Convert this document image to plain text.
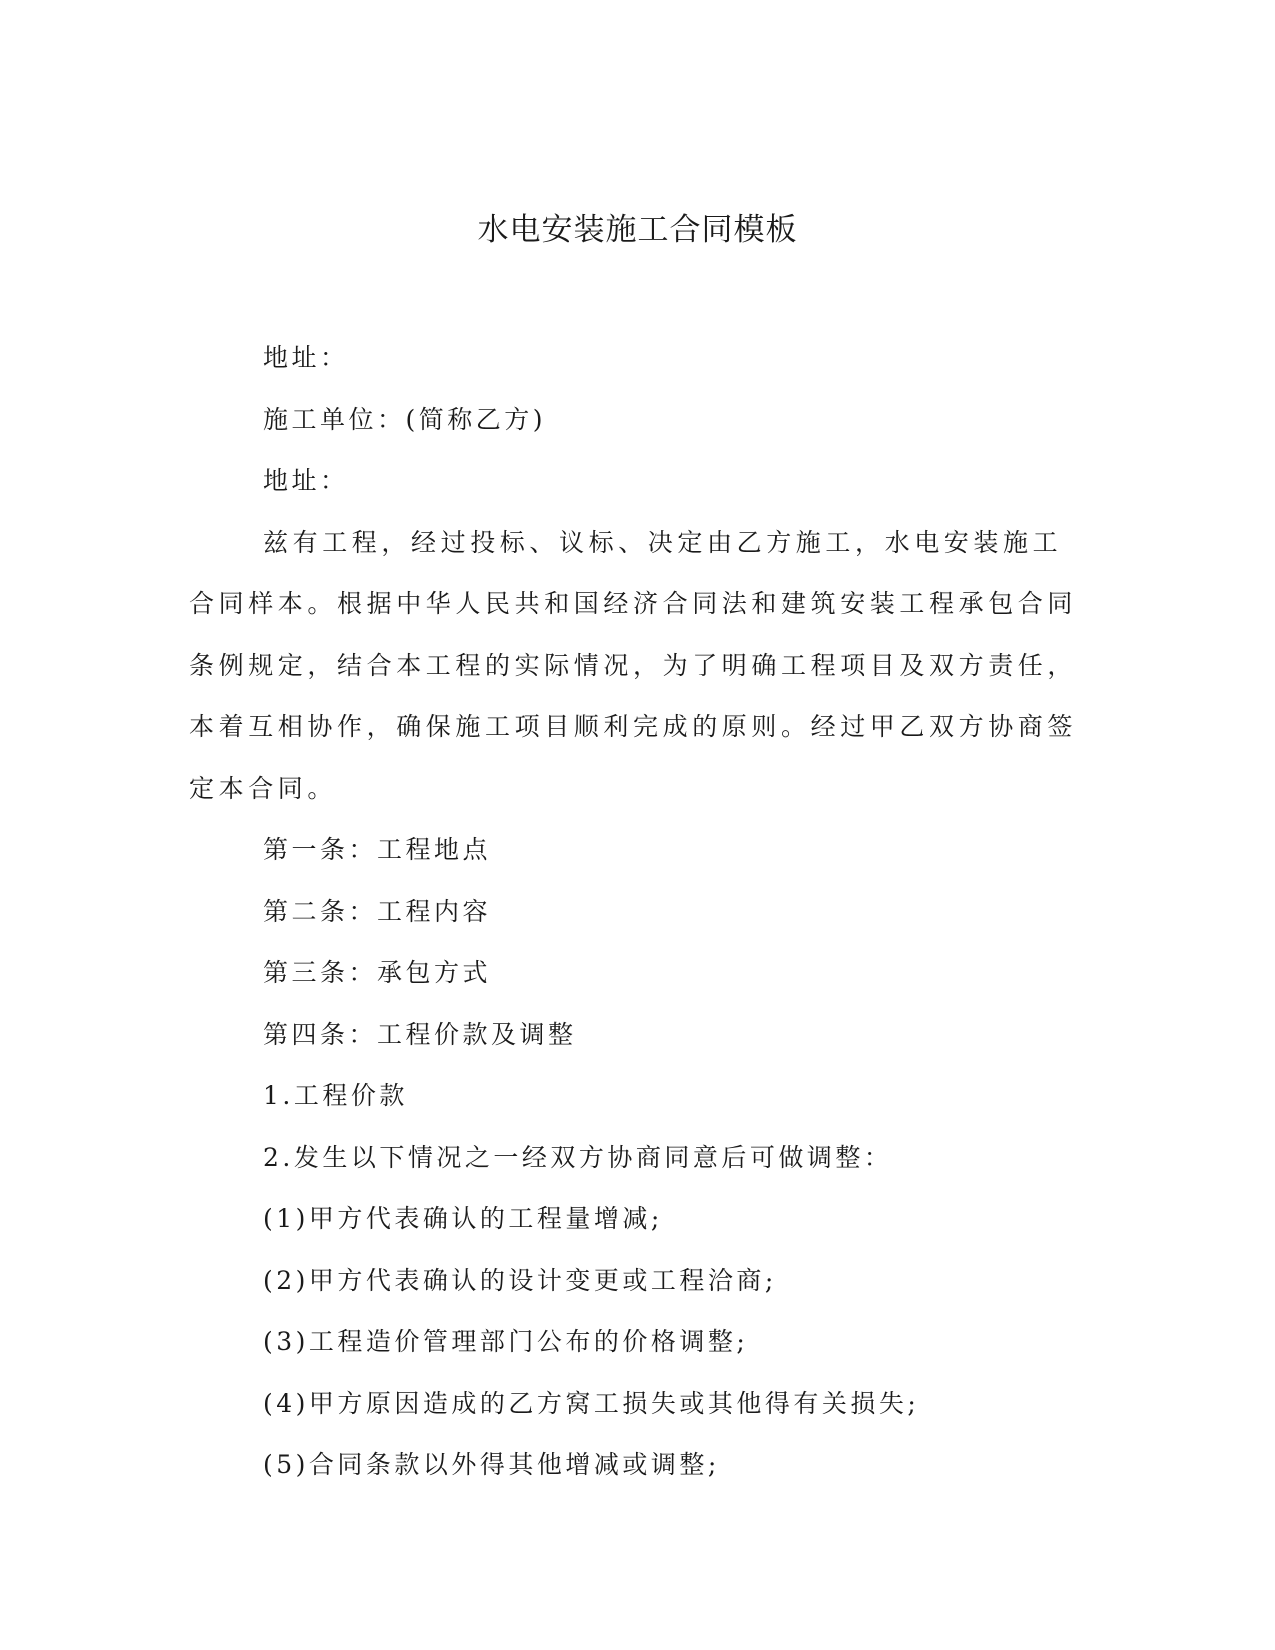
水电安装施工合同模板

地址：

施工单位：(简称乙方)

地址：

兹有工程，经过投标、议标、决定由乙方施工，水电安装施工合同样本。根据中华人民共和国经济合同法和建筑安装工程承包合同条例规定，结合本工程的实际情况，为了明确工程项目及双方责任，本着互相协作，确保施工项目顺利完成的原则。经过甲乙双方协商签定本合同。

第一条：工程地点

第二条：工程内容

第三条：承包方式

第四条：工程价款及调整

1.工程价款

2.发生以下情况之一经双方协商同意后可做调整：

(1)甲方代表确认的工程量增减;

(2)甲方代表确认的设计变更或工程洽商;

(3)工程造价管理部门公布的价格调整;

(4)甲方原因造成的乙方窝工损失或其他得有关损失;

(5)合同条款以外得其他增减或调整;
